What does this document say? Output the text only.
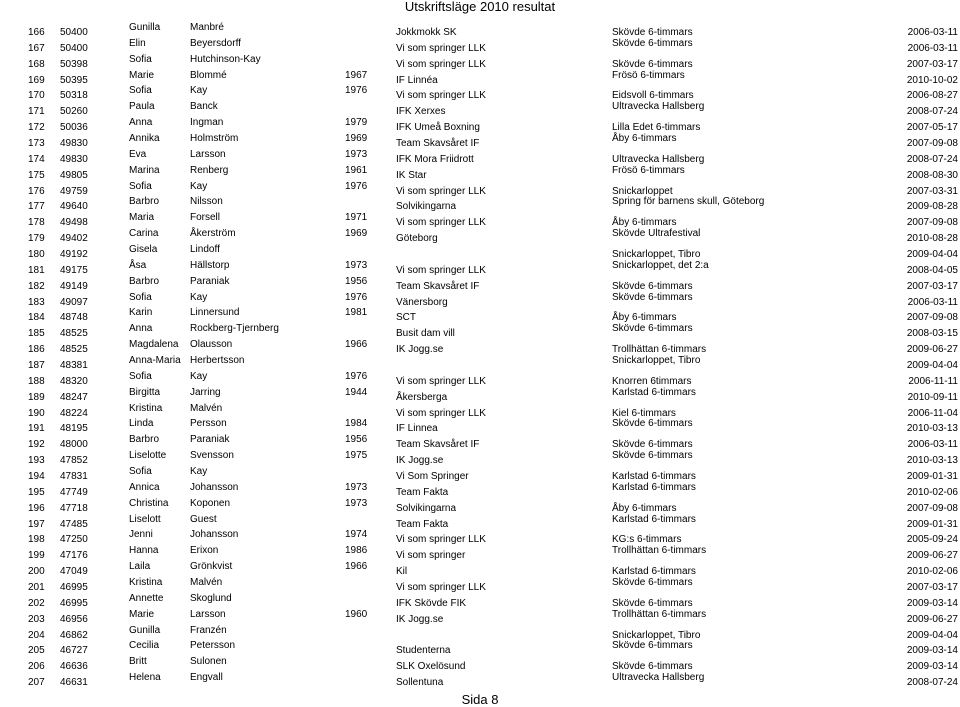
Utskriftsläge 2010 resultat
166 50400	Gunilla	Manbré	Jokkmokk SK	Skövde 6-timmars	2006-03-11
167 50400	Elin	Beyersdorff	Vi som springer LLK	Skövde 6-timmars	2006-03-11
168 50398	Sofia	Hutchinson-Kay	Vi som springer LLK	Skövde 6-timmars	2007-03-17
169 50395	Marie	Blommé	1967	IF Linnéa	Frösö 6-timmars	2010-10-02
170 50318	Sofia	Kay	1976	Vi som springer LLK	Eidsvoll 6-timmars	2006-08-27
171 50260	Paula	Banck	IFK Xerxes	Ultravecka Hallsberg	2008-07-24
172 50036	Anna	Ingman	1979	IFK Umeå Boxning	Lilla Edet 6-timmars	2007-05-17
173 49830	Annika	Holmström	1969	Team Skavsåret IF	Åby 6-timmars	2007-09-08
174 49830	Eva	Larsson	1973	IFK Mora Friidrott	Ultravecka Hallsberg	2008-07-24
175 49805	Marina	Renberg	1961	IK Star	Frösö 6-timmars	2008-08-30
176 49759	Sofia	Kay	1976	Vi som springer LLK	Snickarloppet	2007-03-31
177 49640	Barbro	Nilsson	Solvikingarna	Spring för barnens skull, Göteborg	2009-08-28
178 49498	Maria	Forsell	1971	Vi som springer LLK	Åby 6-timmars	2007-09-08
179 49402	Carina	Åkerström	1969	Göteborg	Skövde Ultrafestival	2010-08-28
180 49192	Gisela	Lindoff	Snickarloppet, Tibro	2009-04-04
181 49175	Åsa	Hällstorp	1973	Vi som springer LLK	Snickarloppet, det 2:a	2008-04-05
182 49149	Barbro	Paraniak	1956	Team Skavsåret IF	Skövde 6-timmars	2007-03-17
183 49097	Sofia	Kay	1976	Vänersborg	Skövde 6-timmars	2006-03-11
184 48748	Karin	Linnersund	1981	SCT	Åby 6-timmars	2007-09-08
185 48525	Anna	Rockberg-Tjernberg	Busit dam vill	Skövde 6-timmars	2008-03-15
186 48525	Magdalena Olausson	1966	IK Jogg.se	Trollhättan 6-timmars	2009-06-27
187 48381	Anna-Maria Herbertsson	Snickarloppet, Tibro	2009-04-04
188 48320	Sofia	Kay	1976	Vi som springer LLK	Knorren 6timmars	2006-11-11
189 48247	Birgitta	Jarring	1944	Åkersberga	Karlstad 6-timmars	2010-09-11
190 48224	Kristina	Malvén	Vi som springer LLK	Kiel 6-timmars	2006-11-04
191 48195	Linda	Persson	1984	IF Linnea	Skövde 6-timmars	2010-03-13
192 48000	Barbro	Paraniak	1956	Team Skavsåret IF	Skövde 6-timmars	2006-03-11
193 47852	Liselotte Svensson	1975	IK Jogg.se	Skövde 6-timmars	2010-03-13
194 47831	Sofia	Kay	Vi Som Springer	Karlstad 6-timmars	2009-01-31
195 47749	Annica	Johansson	1973	Team Fakta	Karlstad 6-timmars	2010-02-06
196 47718	Christina Koponen	1973	Solvikingarna	Åby 6-timmars	2007-09-08
197 47485	Liselott	Guest	Team Fakta	Karlstad 6-timmars	2009-01-31
198 47250	Jenni	Johansson	1974	Vi som springer LLK	KG:s 6-timmars	2005-09-24
199 47176	Hanna	Erixon	1986	Vi som springer	Trollhättan 6-timmars	2009-06-27
200 47049	Laila	Grönkvist	1966	Kil	Karlstad 6-timmars	2010-02-06
201 46995	Kristina	Malvén	Vi som springer LLK	Skövde 6-timmars	2007-03-17
202 46995	Annette	Skoglund	IFK Skövde FIK	Skövde 6-timmars	2009-03-14
203 46956	Marie	Larsson	1960	IK Jogg.se	Trollhättan 6-timmars	2009-06-27
204 46862	Gunilla	Franzén	Snickarloppet, Tibro	2009-04-04
205 46727	Cecilia	Petersson	Studenterna	Skövde 6-timmars	2009-03-14
206 46636	Britt	Sulonen	SLK Oxelösund	Skövde 6-timmars	2009-03-14
207 46631	Helena	Engvall	Sollentuna	Ultravecka Hallsberg	2008-07-24
Sida 8
